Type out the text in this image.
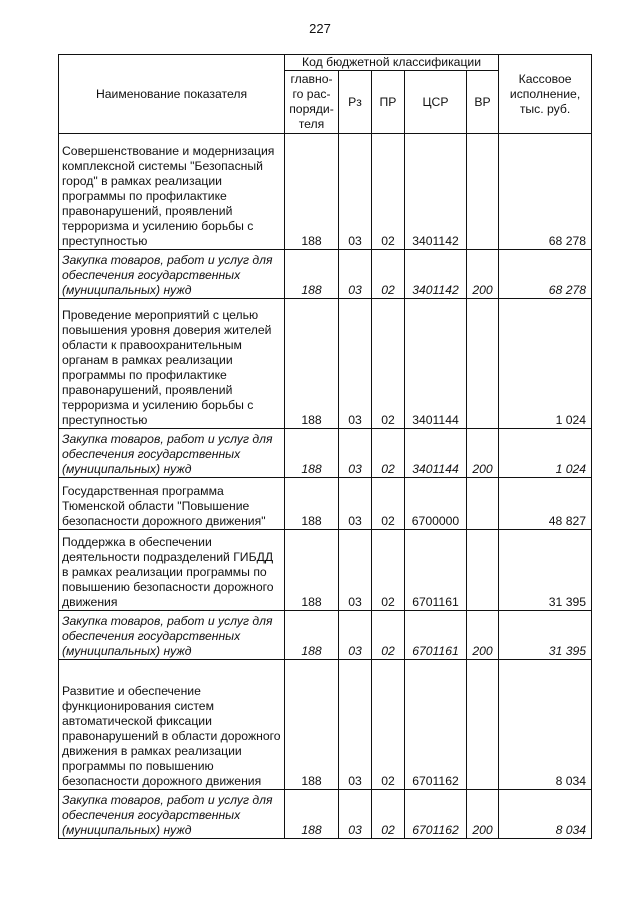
227
Наименование показателя	Код бюджетной классификации					Кассовое исполнение, тыс. руб.
	главно-го рас-поряди-теля	Рз	ПР	ЦСР	ВР	
Совершенствование и модернизация комплексной системы "Безопасный город" в рамках реализации программы по профилактике правонарушений, проявлений терроризма и усилению борьбы с преступностью	188	03	02	3401142		68 278
Закупка товаров, работ и услуг для обеспечения государственных (муниципальных) нужд	188	03	02	3401142	200	68 278
Проведение мероприятий с целью повышения уровня доверия жителей области к правоохранительным органам в рамках реализации программы по профилактике правонарушений, проявлений терроризма и усилению борьбы с преступностью	188	03	02	3401144		1 024
Закупка товаров, работ и услуг для обеспечения государственных (муниципальных) нужд	188	03	02	3401144	200	1 024
Государственная программа Тюменской области "Повышение безопасности дорожного движения"	188	03	02	6700000		48 827
Поддержка в обеспечении деятельности подразделений ГИБДД в рамках реализации программы по повышению безопасности дорожного движения	188	03	02	6701161		31 395
Закупка товаров, работ и услуг для обеспечения государственных (муниципальных) нужд	188	03	02	6701161	200	31 395
Развитие и обеспечение функционирования систем автоматической фиксации правонарушений в области дорожного движения в рамках реализации программы по повышению безопасности дорожного движения	188	03	02	6701162		8 034
Закупка товаров, работ и услуг для обеспечения государственных (муниципальных) нужд	188	03	02	6701162	200	8 034
